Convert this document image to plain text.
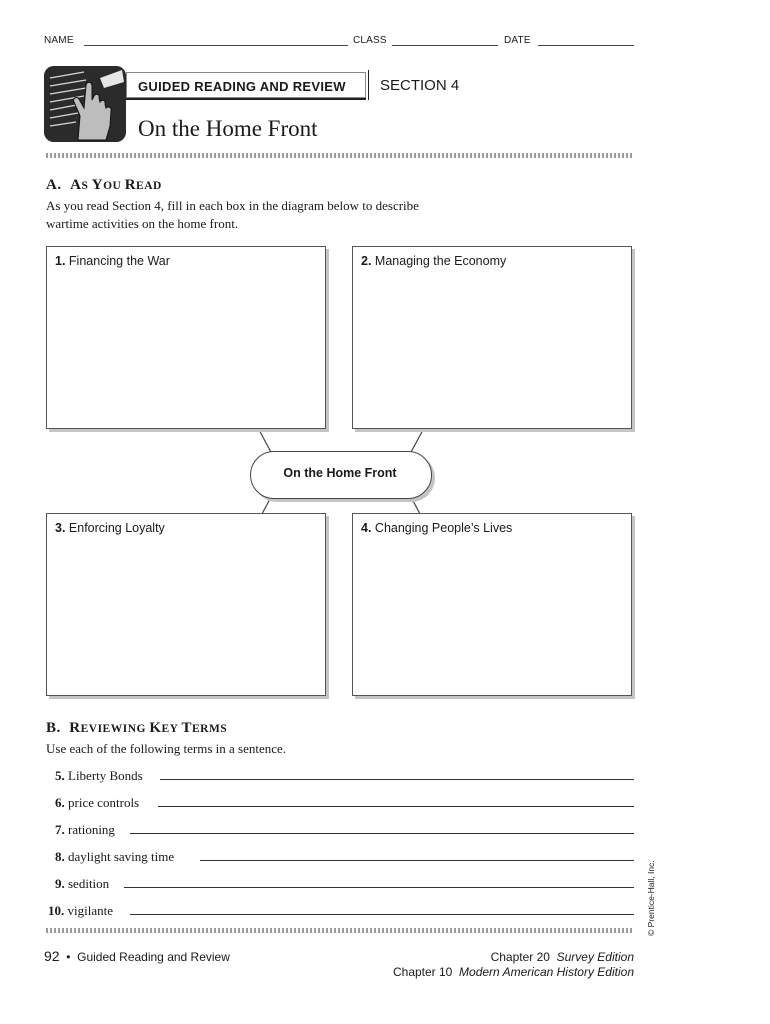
NAME	CLASS	DATE
GUIDED READING AND REVIEW SECTION 4
On the Home Front
A. AS YOU READ
As you read Section 4, fill in each box in the diagram below to describe
wartime activities on the home front.
1. Financing the War	2. Managing the Economy
3. Enforcing Loyalty	4. Changing People’s Lives
On the Home Front
B. REVIEWING KEY TERMS
Use each of the following terms in a sentence.
5. Liberty Bonds
6. price controls
7. rationing
8. daylight saving time
9. sedition
10. vigilante	© Prentice-Hall, Inc.
92 • Guided Reading and Review	Chapter 20 Survey Edition
Chapter 10 Modern American History Edition
